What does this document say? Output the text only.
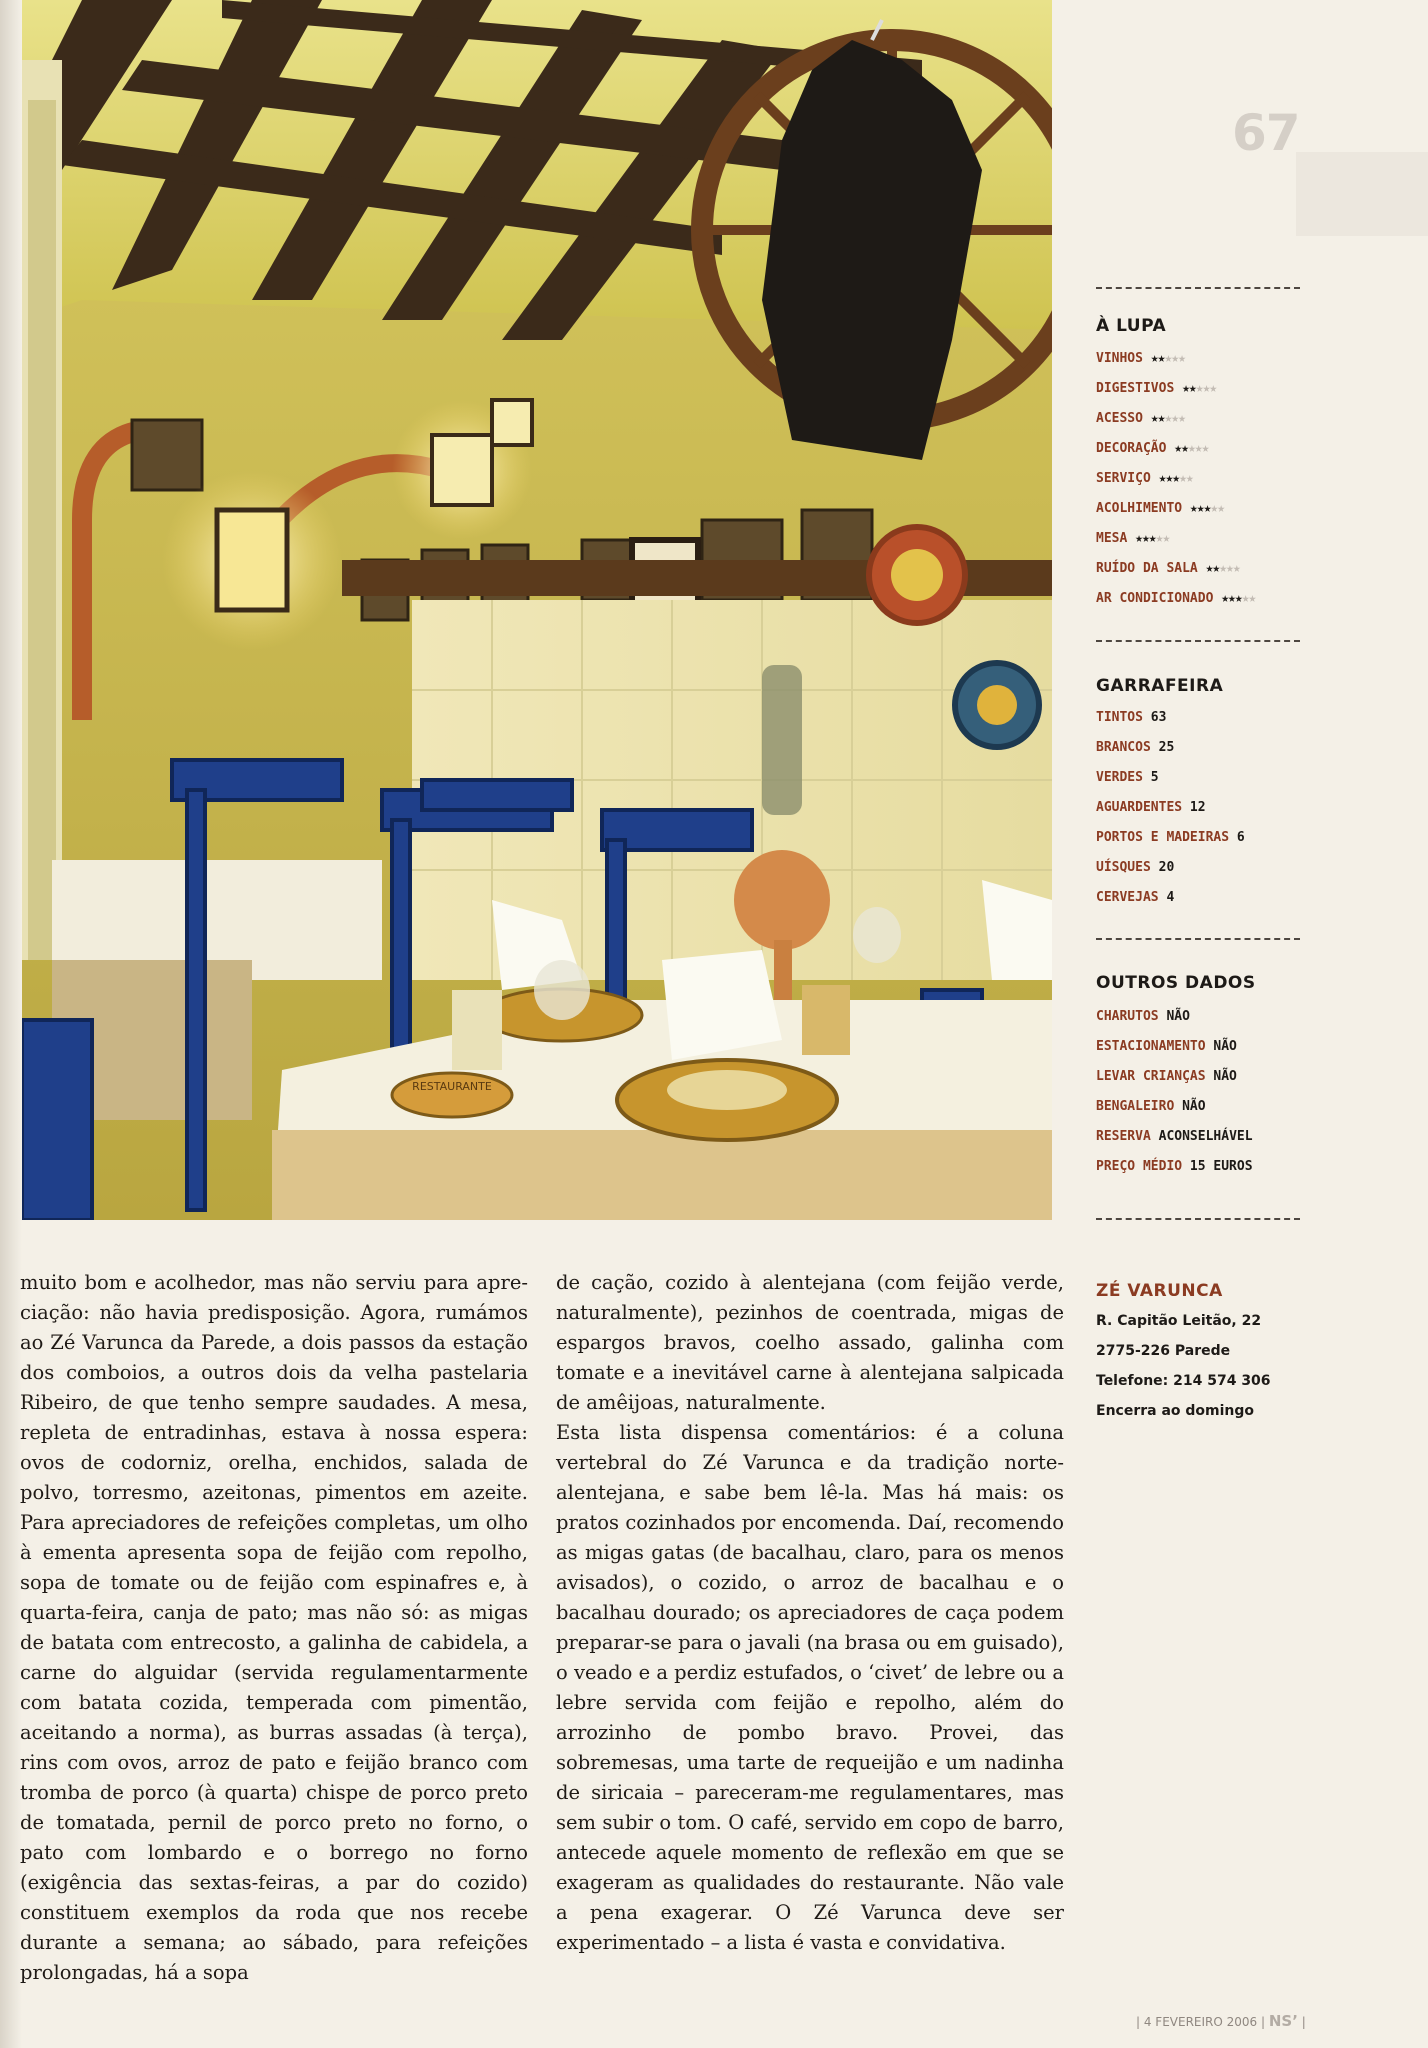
RESTAURANTE
67
À LUPA
VINHOS ★★★★★
DIGESTIVOS ★★★★★
ACESSO ★★★★★
DECORAÇÃO ★★★★★
SERVIÇO ★★★★★
ACOLHIMENTO ★★★★★
MESA ★★★★★
RUÍDO DA SALA ★★★★★
AR CONDICIONADO ★★★★★
GARRAFEIRA
TINTOS 63
BRANCOS 25
VERDES 5
AGUARDENTES 12
PORTOS E MADEIRAS 6
UÍSQUES 20
CERVEJAS 4
OUTROS DADOS
CHARUTOS NÃO
ESTACIONAMENTO NÃO
LEVAR CRIANÇAS NÃO
BENGALEIRO NÃO
RESERVA ACONSELHÁVEL
PREÇO MÉDIO 15 EUROS
ZÉ VARUNCA
R. Capitão Leitão, 22
2775-226 Parede
Telefone: 214 574 306
Encerra ao domingo

muito bom e acolhedor, mas não serviu para apreciação: não havia predisposição. Agora, rumámos ao Zé Varunca da Parede, a dois passos da estação dos comboios, a outros dois da velha pastelaria Ribeiro, de que tenho sempre saudades. A mesa, repleta de entradinhas, estava à nossa espera: ovos de codorniz, orelha, enchidos, salada de polvo, torresmo, azeitonas, pimentos em azeite. Para apreciadores de refeições completas, um olho à ementa apresenta sopa de feijão com repolho, sopa de tomate ou de feijão com espinafres e, à quarta-feira, canja de pato; mas não só: as migas de batata com entrecosto, a galinha de cabidela, a carne do alguidar (servida regulamentarmente com batata cozida, temperada com pimentão, aceitando a norma), as burras assadas (à terça), rins com ovos, arroz de pato e feijão branco com tromba de porco (à quarta) chispe de porco preto de tomatada, pernil de porco preto no forno, o pato com lombardo e o borrego no forno (exigência das sextas-feiras, a par do cozido) constituem exemplos da roda que nos recebe durante a semana; ao sábado, para refeições prolongadas, há a sopa

de cação, cozido à alentejana (com feijão verde, naturalmente), pezinhos de coentrada, migas de espargos bravos, coelho assado, galinha com tomate e a inevitável carne à alentejana salpicada de amêijoas, naturalmente.

Esta lista dispensa comentários: é a coluna vertebral do Zé Varunca e da tradição norte-alentejana, e sabe bem lê-la. Mas há mais: os pratos cozinhados por encomenda. Daí, recomendo as migas gatas (de bacalhau, claro, para os menos avisados), o cozido, o arroz de bacalhau e o bacalhau dourado; os apreciadores de caça podem preparar-se para o javali (na brasa ou em guisado), o veado e a perdiz estufados, o ‘civet’ de lebre ou a lebre servida com feijão e repolho, além do arrozinho de pombo bravo. Provei, das sobremesas, uma tarte de requeijão e um nadinha de siricaia – pareceram-me regulamentares, mas sem subir o tom. O café, servido em copo de barro, antecede aquele momento de reflexão em que se exageram as qualidades do restaurante. Não vale a pena exagerar. O Zé Varunca deve ser experimentado – a lista é vasta e convidativa.

| 4 FEVEREIRO 2006 | NS’ |
